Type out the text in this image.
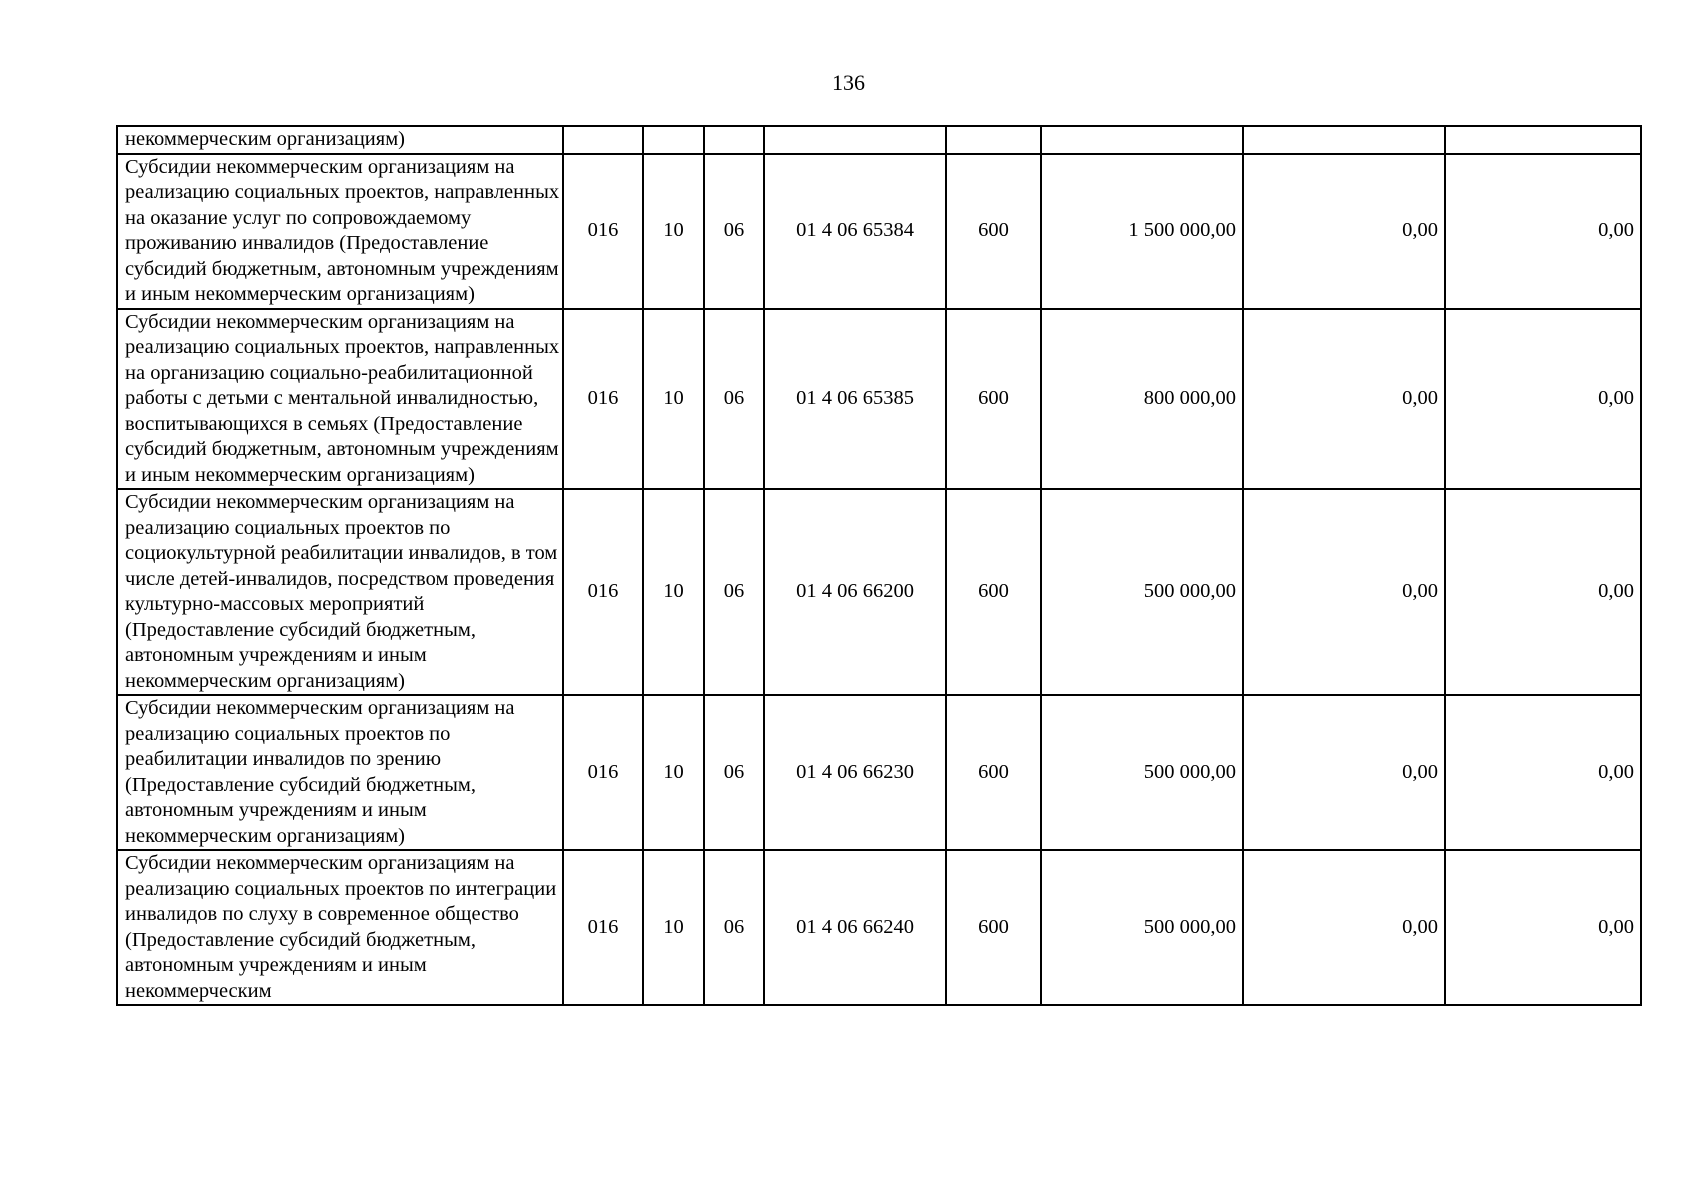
136
некоммерческим организациям)								
Субсидии некоммерческим организациям на реализацию социальных проектов, направленных на оказание услуг по сопровождаемому проживанию инвалидов (Предоставление субсидий бюджетным, автономным учреждениям и иным некоммерческим организациям)	016	10	06	01 4 06 65384	600	1 500 000,00	0,00	0,00
Субсидии некоммерческим организациям на реализацию социальных проектов, направленных на организацию социально-реабилитационной работы с детьми с ментальной инвалидностью, воспитывающихся в семьях (Предоставление субсидий бюджетным, автономным учреждениям и иным некоммерческим организациям)	016	10	06	01 4 06 65385	600	800 000,00	0,00	0,00
Субсидии некоммерческим организациям на реализацию социальных проектов по социокультурной реабилитации инвалидов, в том числе детей-инвалидов, посредством проведения культурно-массовых мероприятий (Предоставление субсидий бюджетным, автономным учреждениям и иным некоммерческим организациям)	016	10	06	01 4 06 66200	600	500 000,00	0,00	0,00
Субсидии некоммерческим организациям на реализацию социальных проектов по реабилитации инвалидов по зрению (Предоставление субсидий бюджетным, автономным учреждениям и иным некоммерческим организациям)	016	10	06	01 4 06 66230	600	500 000,00	0,00	0,00
Субсидии некоммерческим организациям на реализацию социальных проектов по интеграции инвалидов по слуху в современное общество (Предоставление субсидий бюджетным, автономным учреждениям и иным некоммерческим	016	10	06	01 4 06 66240	600	500 000,00	0,00	0,00
